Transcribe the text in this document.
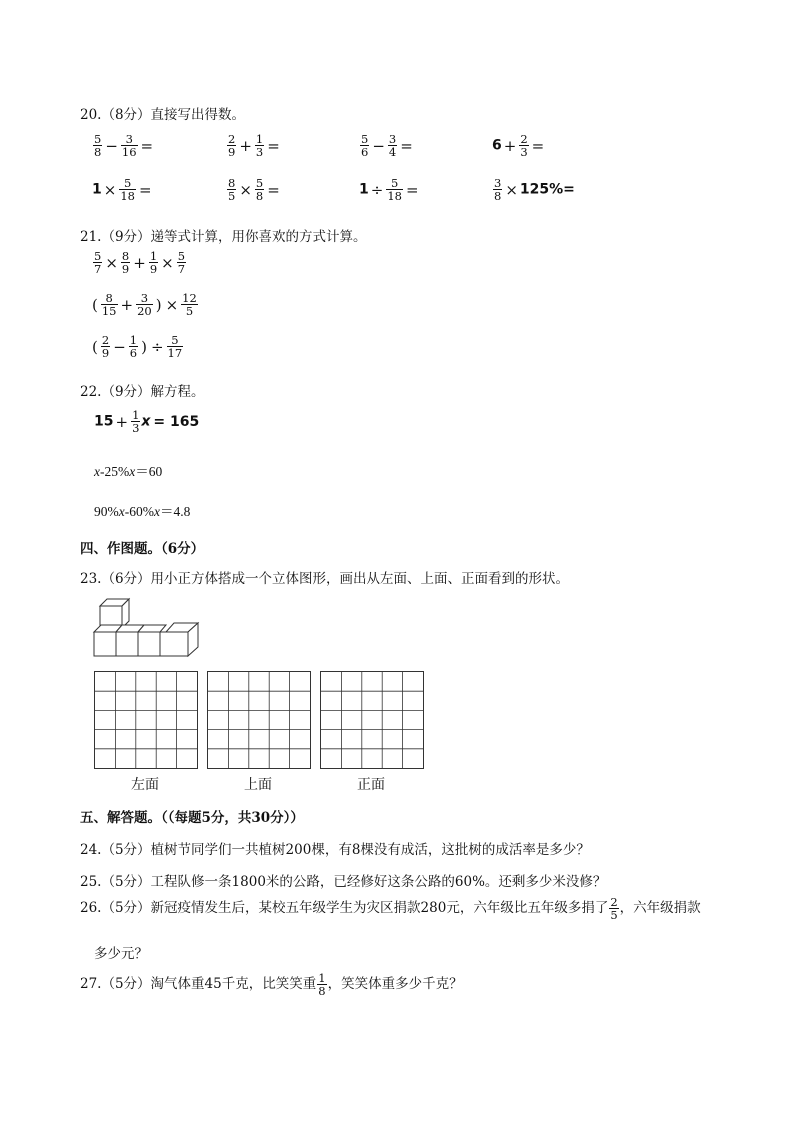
20.（8分）直接写出得数。
$\frac{5}{8} - \frac{3}{16}$ =	$\frac{2}{9} + \frac{1}{3}$ =	$\frac{5}{6} - \frac{3}{4}$ =	$6 + \frac{2}{3}$ =
$1 \times \frac{5}{18}$ =	$\frac{8}{5} \times \frac{5}{8}$ =	$1 \div \frac{5}{18}$ =	$\frac{3}{8} \times 125\%=$
21.（9分）递等式计算，用你喜欢的方式计算。
$\frac{5}{7} \times \frac{8}{9} + \frac{1}{9} \times \frac{5}{7}$
( $\frac{8}{15} + \frac{3}{20}$ ) × $\frac{12}{5}$
( $\frac{2}{9} - \frac{1}{6}$ ) ÷ $\frac{5}{17}$
22.（9分）解方程。
$15 + \frac{1}{3}$ x = 165
x-25%x＝60
90%x-60%x＝4.8
四、作图题。（6分）
23.（6分）用小正方体搭成一个立体图形，画出从左面、上面、正面看到的形状。
左面	上面	正面
五、解答题。（（每题5分，共30分））
24.（5分）植树节同学们一共植树200棵，有8棵没有成活，这批树的成活率是多少？
25.（5分）工程队修一条1800米的公路，已经修好这条公路的60%。还剩多少米没修？
26.（5分）新冠疫情发生后，某校五年级学生为灾区捐款280元，六年级比五年级多捐了 $\frac{2}{5}$ ，六年级捐款
多少元？
27.（5分）淘气体重45千克，比笑笑重 $\frac{1}{8}$ ，笑笑体重多少千克？
